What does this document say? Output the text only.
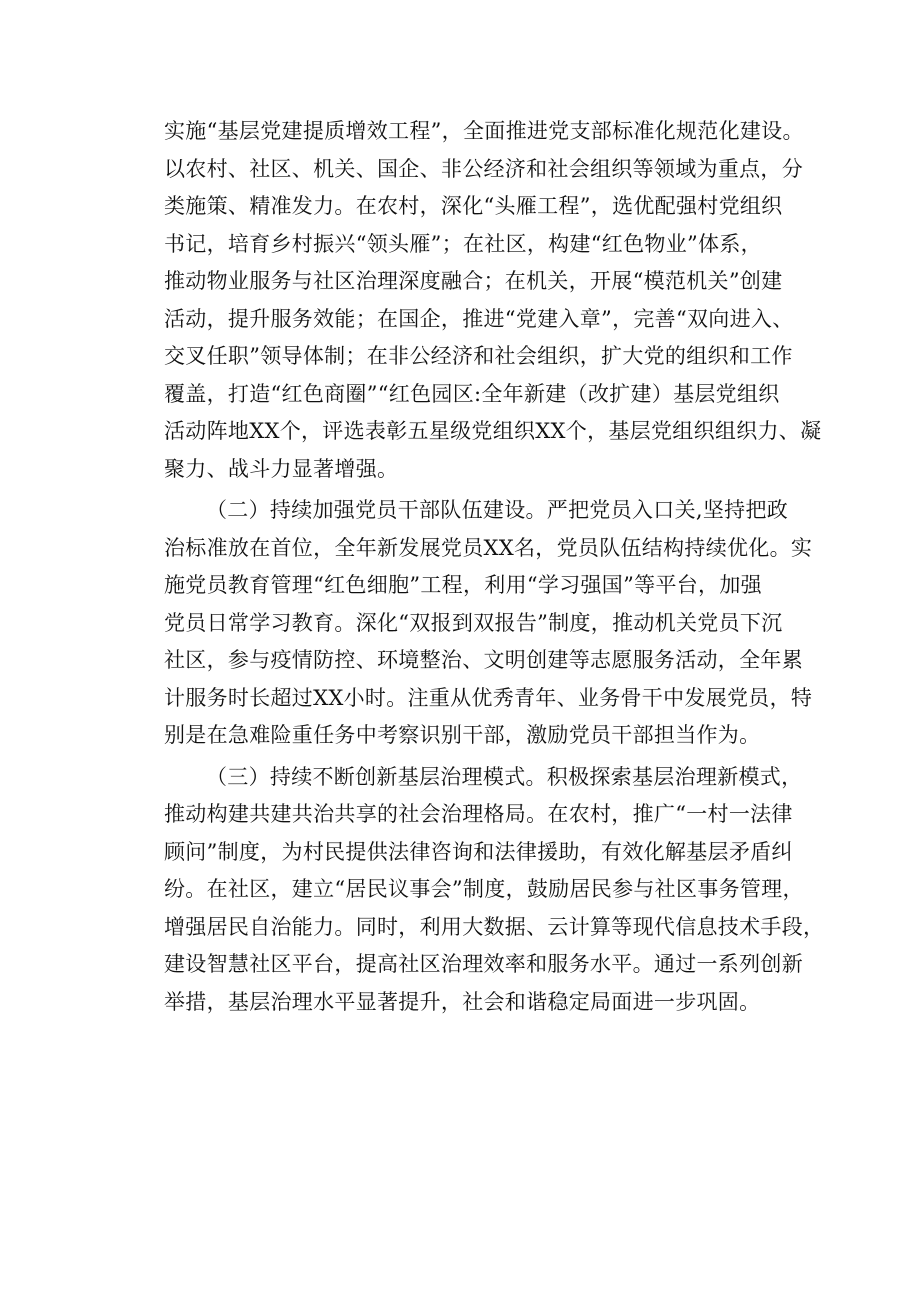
实施“基层党建提质增效工程”，全面推进党支部标准化规范化建设。
以农村、社区、机关、国企、非公经济和社会组织等领域为重点，分
类施策、精准发力。在农村，深化“头雁工程”，选优配强村党组织
书记，培育乡村振兴“领头雁”；在社区，构建“红色物业”体系，
推动物业服务与社区治理深度融合；在机关，开展“模范机关”创建
活动，提升服务效能；在国企，推进“党建入章”，完善“双向进入、
交叉任职”领导体制；在非公经济和社会组织，扩大党的组织和工作
覆盖，打造“红色商圈”“红色园区:全年新建（改扩建）基层党组织
活动阵地XX个，评选表彰五星级党组织XX个，基层党组织组织力、凝
聚力、战斗力显著增强。
（二）持续加强党员干部队伍建设。严把党员入口关,坚持把政
治标准放在首位，全年新发展党员XX名，党员队伍结构持续优化。实
施党员教育管理“红色细胞”工程，利用“学习强国”等平台，加强
党员日常学习教育。深化“双报到双报告”制度，推动机关党员下沉
社区，参与疫情防控、环境整治、文明创建等志愿服务活动，全年累
计服务时长超过XX小时。注重从优秀青年、业务骨干中发展党员，特
别是在急难险重任务中考察识别干部，激励党员干部担当作为。
（三）持续不断创新基层治理模式。积极探索基层治理新模式，
推动构建共建共治共享的社会治理格局。在农村，推广“一村一法律
顾问”制度，为村民提供法律咨询和法律援助，有效化解基层矛盾纠
纷。在社区，建立“居民议事会”制度，鼓励居民参与社区事务管理，
增强居民自治能力。同时，利用大数据、云计算等现代信息技术手段，
建设智慧社区平台，提高社区治理效率和服务水平。通过一系列创新
举措，基层治理水平显著提升，社会和谐稳定局面进一步巩固。
